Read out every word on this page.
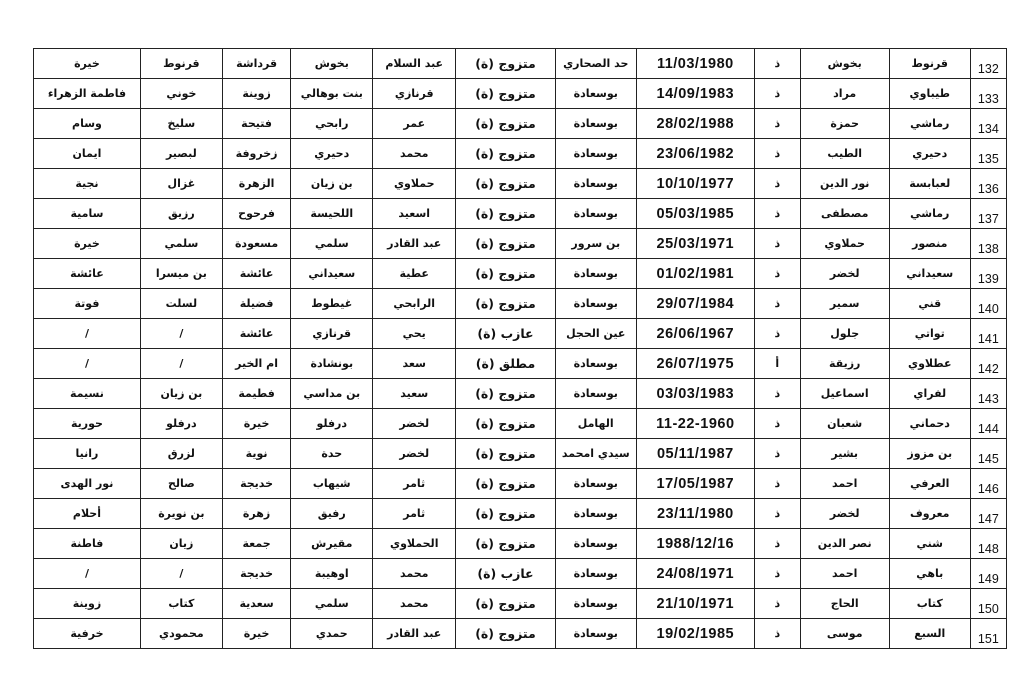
132	قرنوط	بخوش	ذ	11/03/1980	حد الصحاري	متزوج (ة)	عبد السلام	بخوش	قرداشة	قرنوط	خيرة
133	طيباوي	مراد	ذ	14/09/1983	بوسعادة	متزوج (ة)	قرنازي	بنت بوهالي	زوينة	خوني	فاطمة الزهراء
134	رماشي	حمزة	ذ	28/02/1988	بوسعادة	متزوج (ة)	عمر	رابحي	فتيحة	سليخ	وسام
135	دحيري	الطيب	ذ	23/06/1982	بوسعادة	متزوج (ة)	محمد	دحيري	زخروفة	لبصير	ايمان
136	لعبابسة	نور الدين	ذ	10/10/1977	بوسعادة	متزوج (ة)	حملاوي	بن زيان	الزهرة	غزال	نجية
137	رماشي	مصطفى	ذ	05/03/1985	بوسعادة	متزوج (ة)	اسعيد	اللحيسة	فرحوح	رزيق	سامية
138	منصور	حملاوي	ذ	25/03/1971	بن سرور	متزوج (ة)	عبد القادر	سلمي	مسعودة	سلمي	خيرة
139	سعيداني	لخضر	ذ	01/02/1981	بوسعادة	متزوج (ة)	عطية	سعيداني	عائشة	بن ميسرا	عائشة
140	قني	سمير	ذ	29/07/1984	بوسعادة	متزوج (ة)	الرابحي	غيطوط	فضيلة	لسلت	فوتة
141	تواتي	جلول	ذ	26/06/1967	عين الحجل	عازب (ة)	يحي	قرنازي	عائشة	/	/
142	عطلاوي	رزيقة	أ	26/07/1975	بوسعادة	مطلق (ة)	سعد	بونشادة	ام الخير	/	/
143	لفراي	اسماعيل	ذ	03/03/1983	بوسعادة	متزوج (ة)	سعيد	بن مداسي	فطيمة	بن زيان	نسيمة
144	دحماني	شعبان	ذ	11-22-1960	الهامل	متزوج (ة)	لخضر	درفلو	خيرة	درفلو	حورية
145	بن مزوز	بشير	ذ	05/11/1987	سيدي امحمد	متزوج (ة)	لخضر	حدة	نوية	لزرق	رانيا
146	العرفي	احمد	ذ	17/05/1987	بوسعادة	متزوج (ة)	ثامر	شيهاب	خديجة	صالح	نور الهدى
147	معروف	لخضر	ذ	23/11/1980	بوسعادة	متزوج (ة)	ثامر	رفيق	زهرة	بن نويرة	أحلام
148	شني	نصر الدين	ذ	1988/12/16	بوسعادة	متزوج (ة)	الحملاوي	مقيرش	جمعة	زيان	فاطنة
149	باهي	احمد	ذ	24/08/1971	بوسعادة	عازب (ة)	محمد	اوهيبة	خديجة	/	/
150	كتاب	الحاج	ذ	21/10/1971	بوسعادة	متزوج (ة)	محمد	سلمي	سعدية	كتاب	زوينة
151	السبع	موسى	ذ	19/02/1985	بوسعادة	متزوج (ة)	عبد القادر	حمدي	خيرة	محمودي	خرفية
